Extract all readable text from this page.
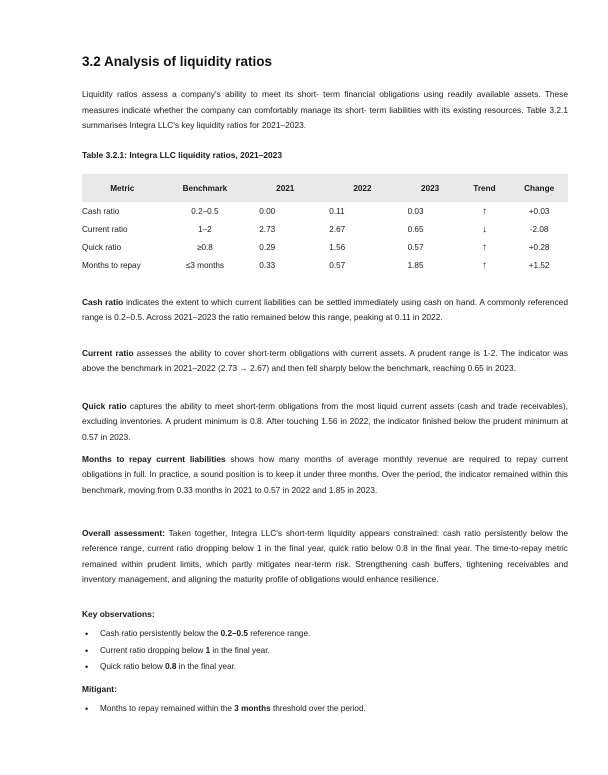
3.2 Analysis of liquidity ratios

Liquidity ratios assess a company's ability to meet its short- term financial obligations using readily available assets. These measures indicate whether the company can comfortably manage its short- term liabilities with its existing resources. Table 3.2.1 summarises Integra LLC's key liquidity ratios for 2021–2023.

Table 3.2.1: Integra LLC liquidity ratios, 2021–2023

Metric	Benchmark	2021	2022	2023	Trend	Change
Cash ratio	0.2–0.5	0.00	0.11	0.03	↑	+0.03
Current ratio	1–2	2.73	2.67	0.65	↓	-2.08
Quick ratio	≥0.8	0.29	1.56	0.57	↑	+0.28
Months to repay	≤3 months	0.33	0.57	1.85	↑	+1.52

Cash ratio indicates the extent to which current liabilities can be settled immediately using cash on hand. A commonly referenced range is 0.2–0.5. Across 2021–2023 the ratio remained below this range, peaking at 0.11 in 2022.

Current ratio assesses the ability to cover short-term obligations with current assets. A prudent range is 1-2. The indicator was above the benchmark in 2021–2022 (2.73 → 2.67) and then fell sharply below the benchmark, reaching 0.65 in 2023.

Quick ratio captures the ability to meet short-term obligations from the most liquid current assets (cash and trade receivables), excluding inventories. A prudent minimum is 0.8. After touching 1.56 in 2022, the indicator finished below the prudent minimum at 0.57 in 2023.

Months to repay current liabilities shows how many months of average monthly revenue are required to repay current obligations in full. In practice, a sound position is to keep it under three months. Over the period, the indicator remained within this benchmark, moving from 0.33 months in 2021 to 0.57 in 2022 and 1.85 in 2023.

Overall assessment: Taken together, Integra LLC's short-term liquidity appears constrained: cash ratio persistently below the reference range, current ratio dropping below 1 in the final year, quick ratio below 0.8 in the final year. The time-to-repay metric remained within prudent limits, which partly mitigates near-term risk. Strengthening cash buffers, tightening receivables and inventory management, and aligning the maturity profile of obligations would enhance resilience.

Key observations:

• Cash ratio persistently below the 0.2–0.5 reference range.
• Current ratio dropping below 1 in the final year.
• Quick ratio below 0.8 in the final year.

Mitigant:

• Months to repay remained within the 3 months threshold over the period.
